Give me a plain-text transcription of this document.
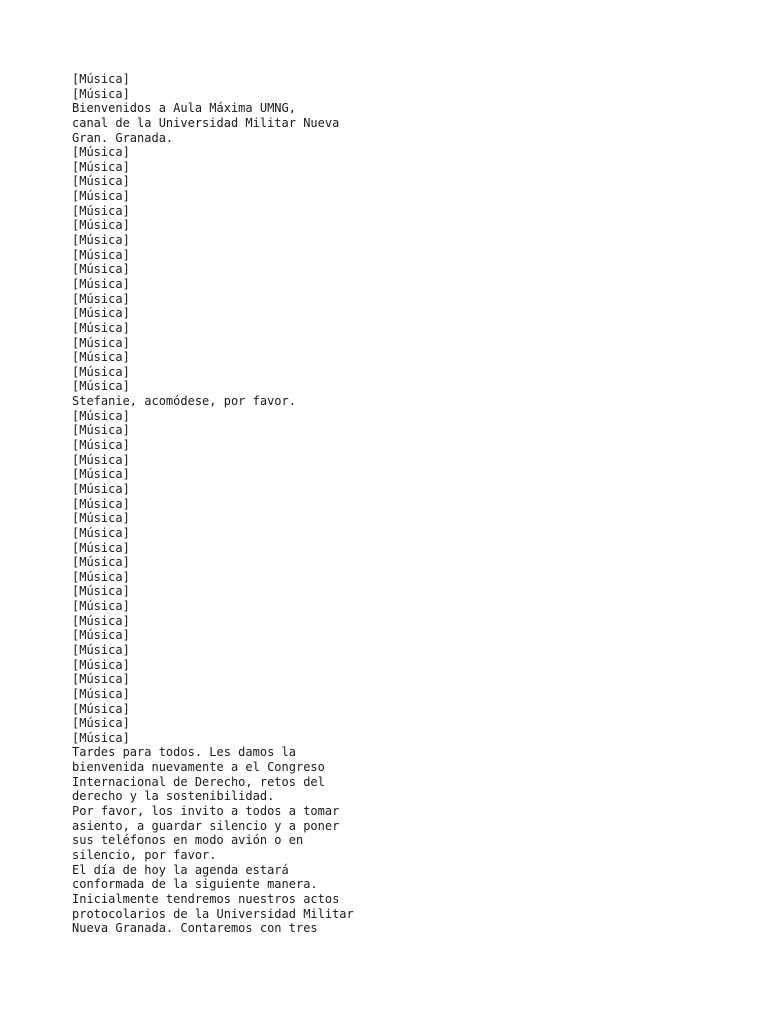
[Música]
[Música]
Bienvenidos a Aula Máxima UMNG,
canal de la Universidad Militar Nueva
Gran. Granada.
[Música]
[Música]
[Música]
[Música]
[Música]
[Música]
[Música]
[Música]
[Música]
[Música]
[Música]
[Música]
[Música]
[Música]
[Música]
[Música]
[Música]
Stefanie, acomódese, por favor.
[Música]
[Música]
[Música]
[Música]
[Música]
[Música]
[Música]
[Música]
[Música]
[Música]
[Música]
[Música]
[Música]
[Música]
[Música]
[Música]
[Música]
[Música]
[Música]
[Música]
[Música]
[Música]
[Música]
Tardes para todos. Les damos la
bienvenida nuevamente a el Congreso
Internacional de Derecho, retos del
derecho y la sostenibilidad.
Por favor, los invito a todos a tomar
asiento, a guardar silencio y a poner
sus teléfonos en modo avión o en
silencio, por favor.
El día de hoy la agenda estará
conformada de la siguiente manera.
Inicialmente tendremos nuestros actos
protocolarios de la Universidad Militar
Nueva Granada. Contaremos con tres
